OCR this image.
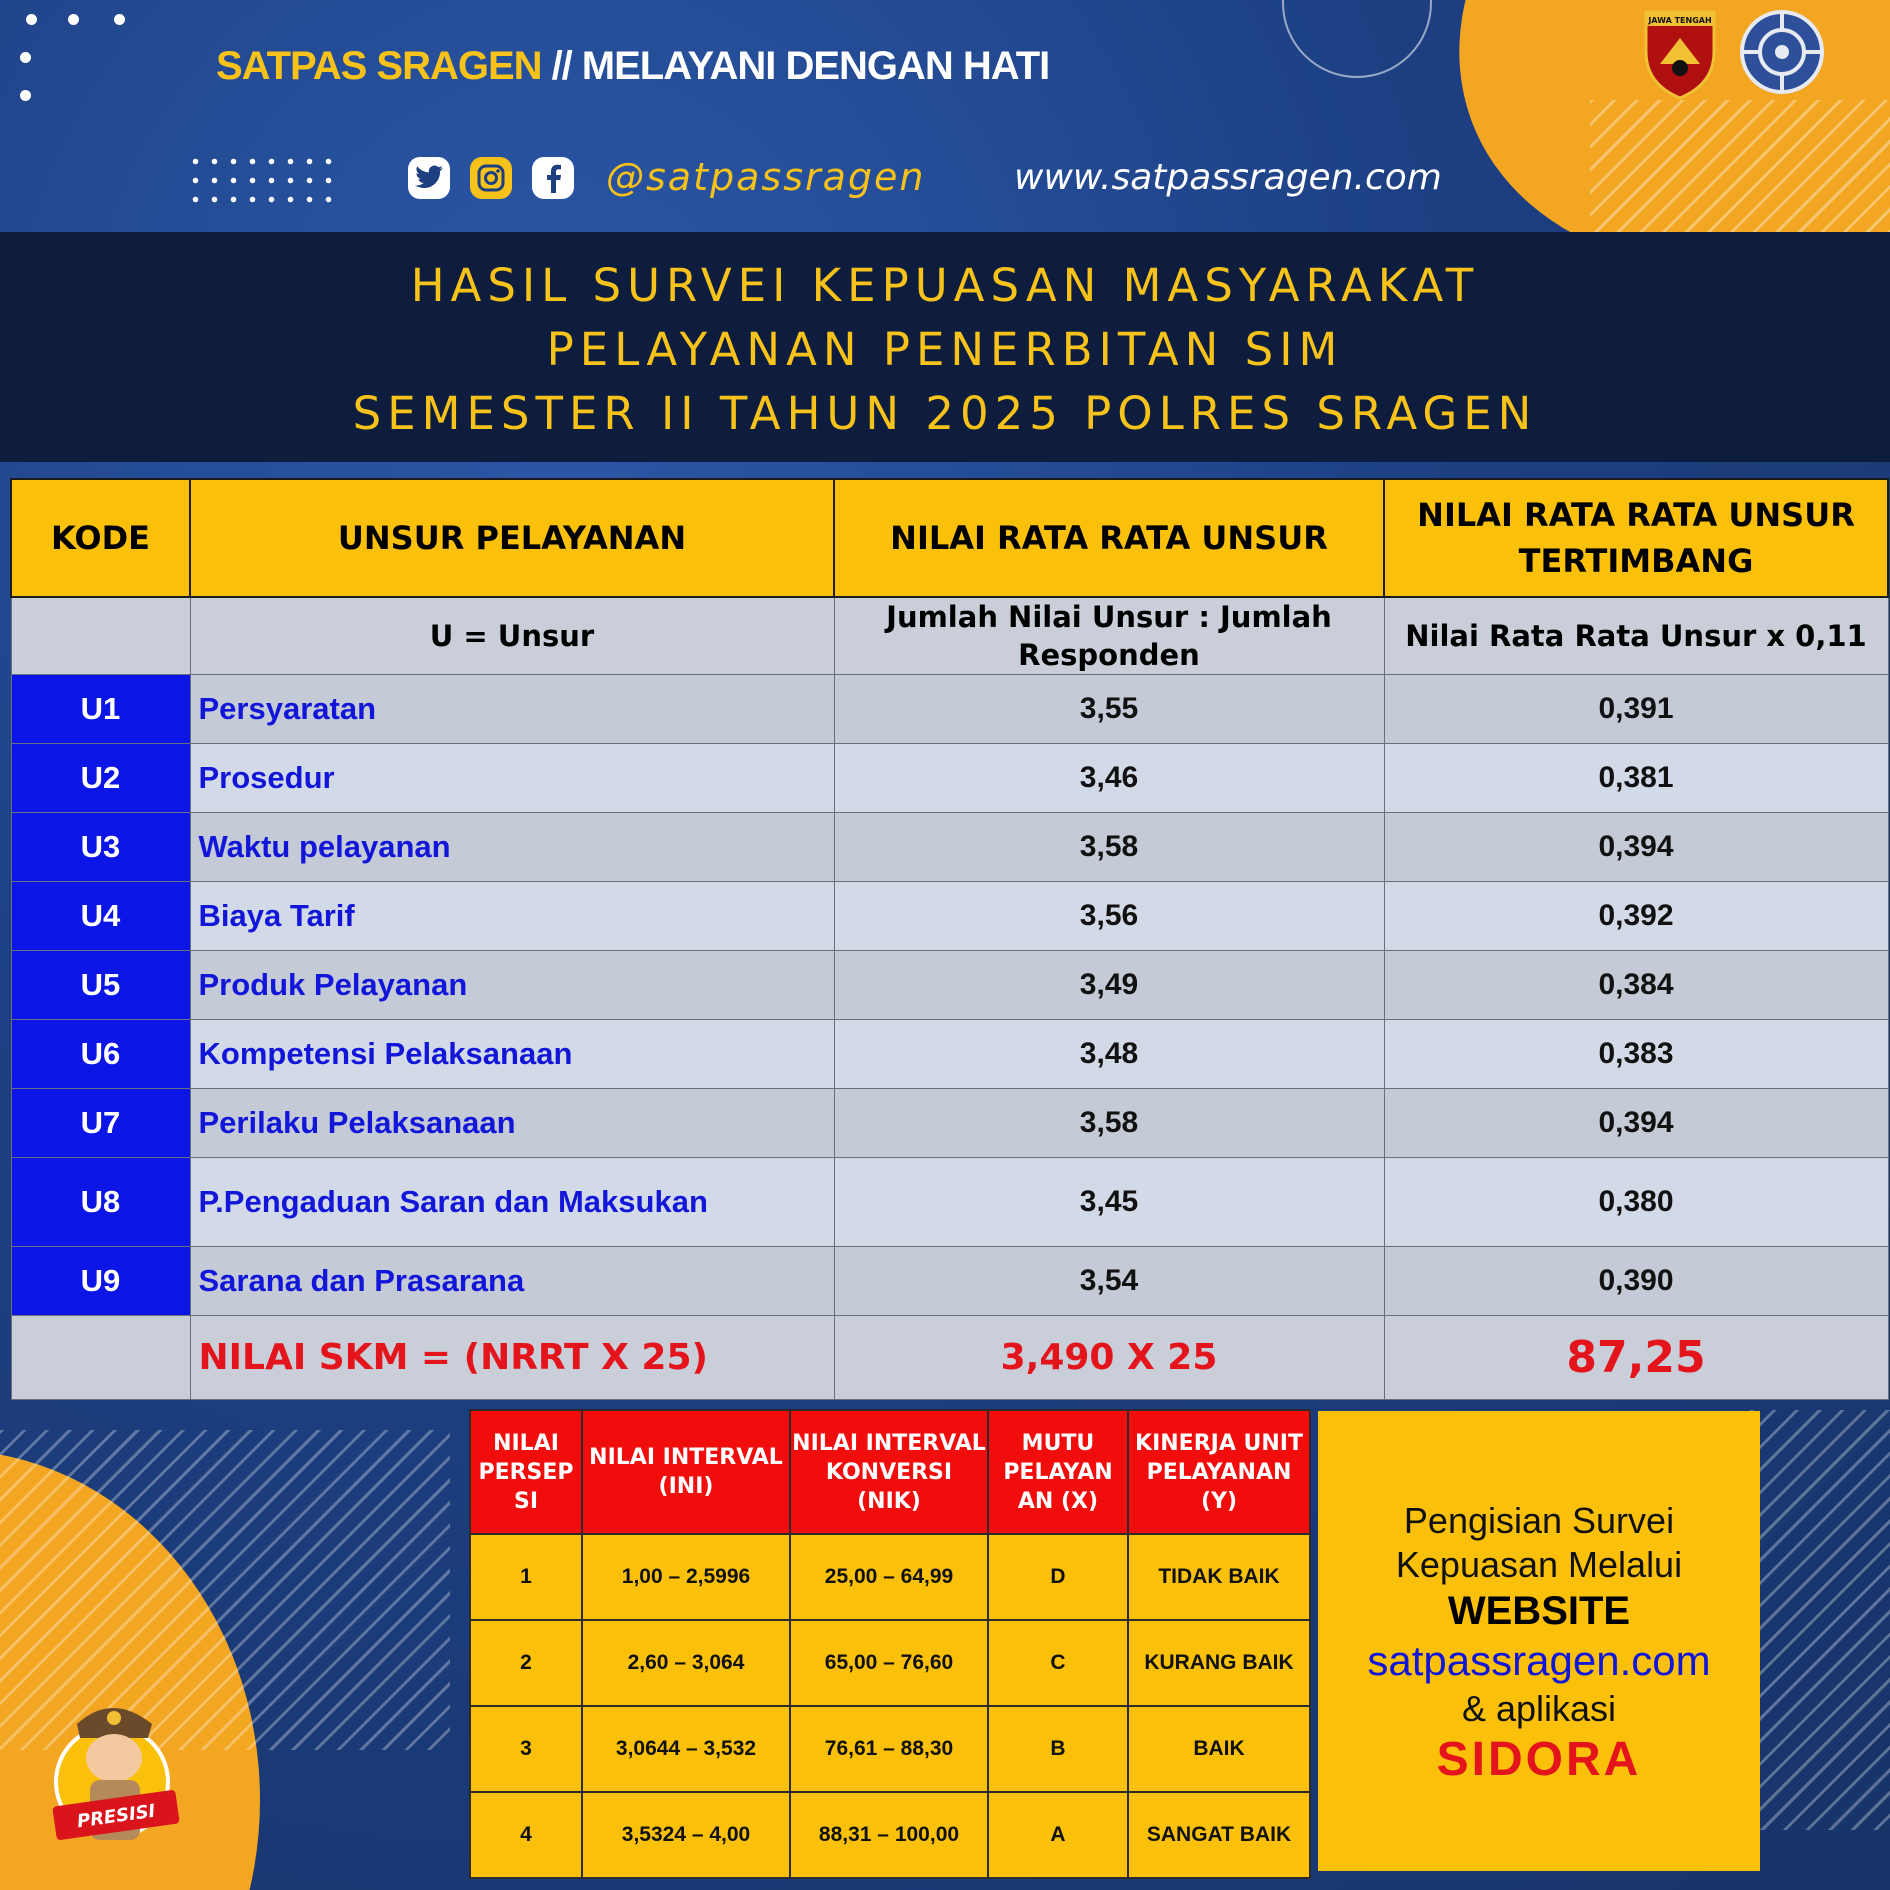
SATPAS SRAGEN // MELAYANI DENGAN HATI
@satpassragen www.satpassragen.com
JAWA TENGAH
HASIL SURVEI KEPUASAN MASYARAKAT
PELAYANAN PENERBITAN SIM
SEMESTER II TAHUN 2025 POLRES SRAGEN
KODE	UNSUR PELAYANAN	NILAI RATA RATA UNSUR	NILAI RATA RATA UNSUR TERTIMBANG
	U = Unsur	Jumlah Nilai Unsur : Jumlah Responden	Nilai Rata Rata Unsur x 0,11
U1	Persyaratan	3,55	0,391
U2	Prosedur	3,46	0,381
U3	Waktu pelayanan	3,58	0,394
U4	Biaya Tarif	3,56	0,392
U5	Produk Pelayanan	3,49	0,384
U6	Kompetensi Pelaksanaan	3,48	0,383
U7	Perilaku Pelaksanaan	3,58	0,394
U8	P.Pengaduan Saran dan Maksukan	3,45	0,380
U9	Sarana dan Prasarana	3,54	0,390
	NILAI SKM = (NRRT X 25)	3,490 X 25	87,25
NILAI PERSEP SI	NILAI INTERVAL (INI)	NILAI INTERVAL KONVERSI (NIK)	MUTU PELAYAN AN (X)	KINERJA UNIT PELAYANAN (Y)
1	1,00 – 2,5996	25,00 – 64,99	D	TIDAK BAIK
2	2,60 – 3,064	65,00 – 76,60	C	KURANG BAIK
3	3,0644 – 3,532	76,61 – 88,30	B	BAIK
4	3,5324 – 4,00	88,31 – 100,00	A	SANGAT BAIK
Pengisian Survei
Kepuasan Melalui
WEBSITE
satpassragen.com
& aplikasi
SIDORA
PRESISI
